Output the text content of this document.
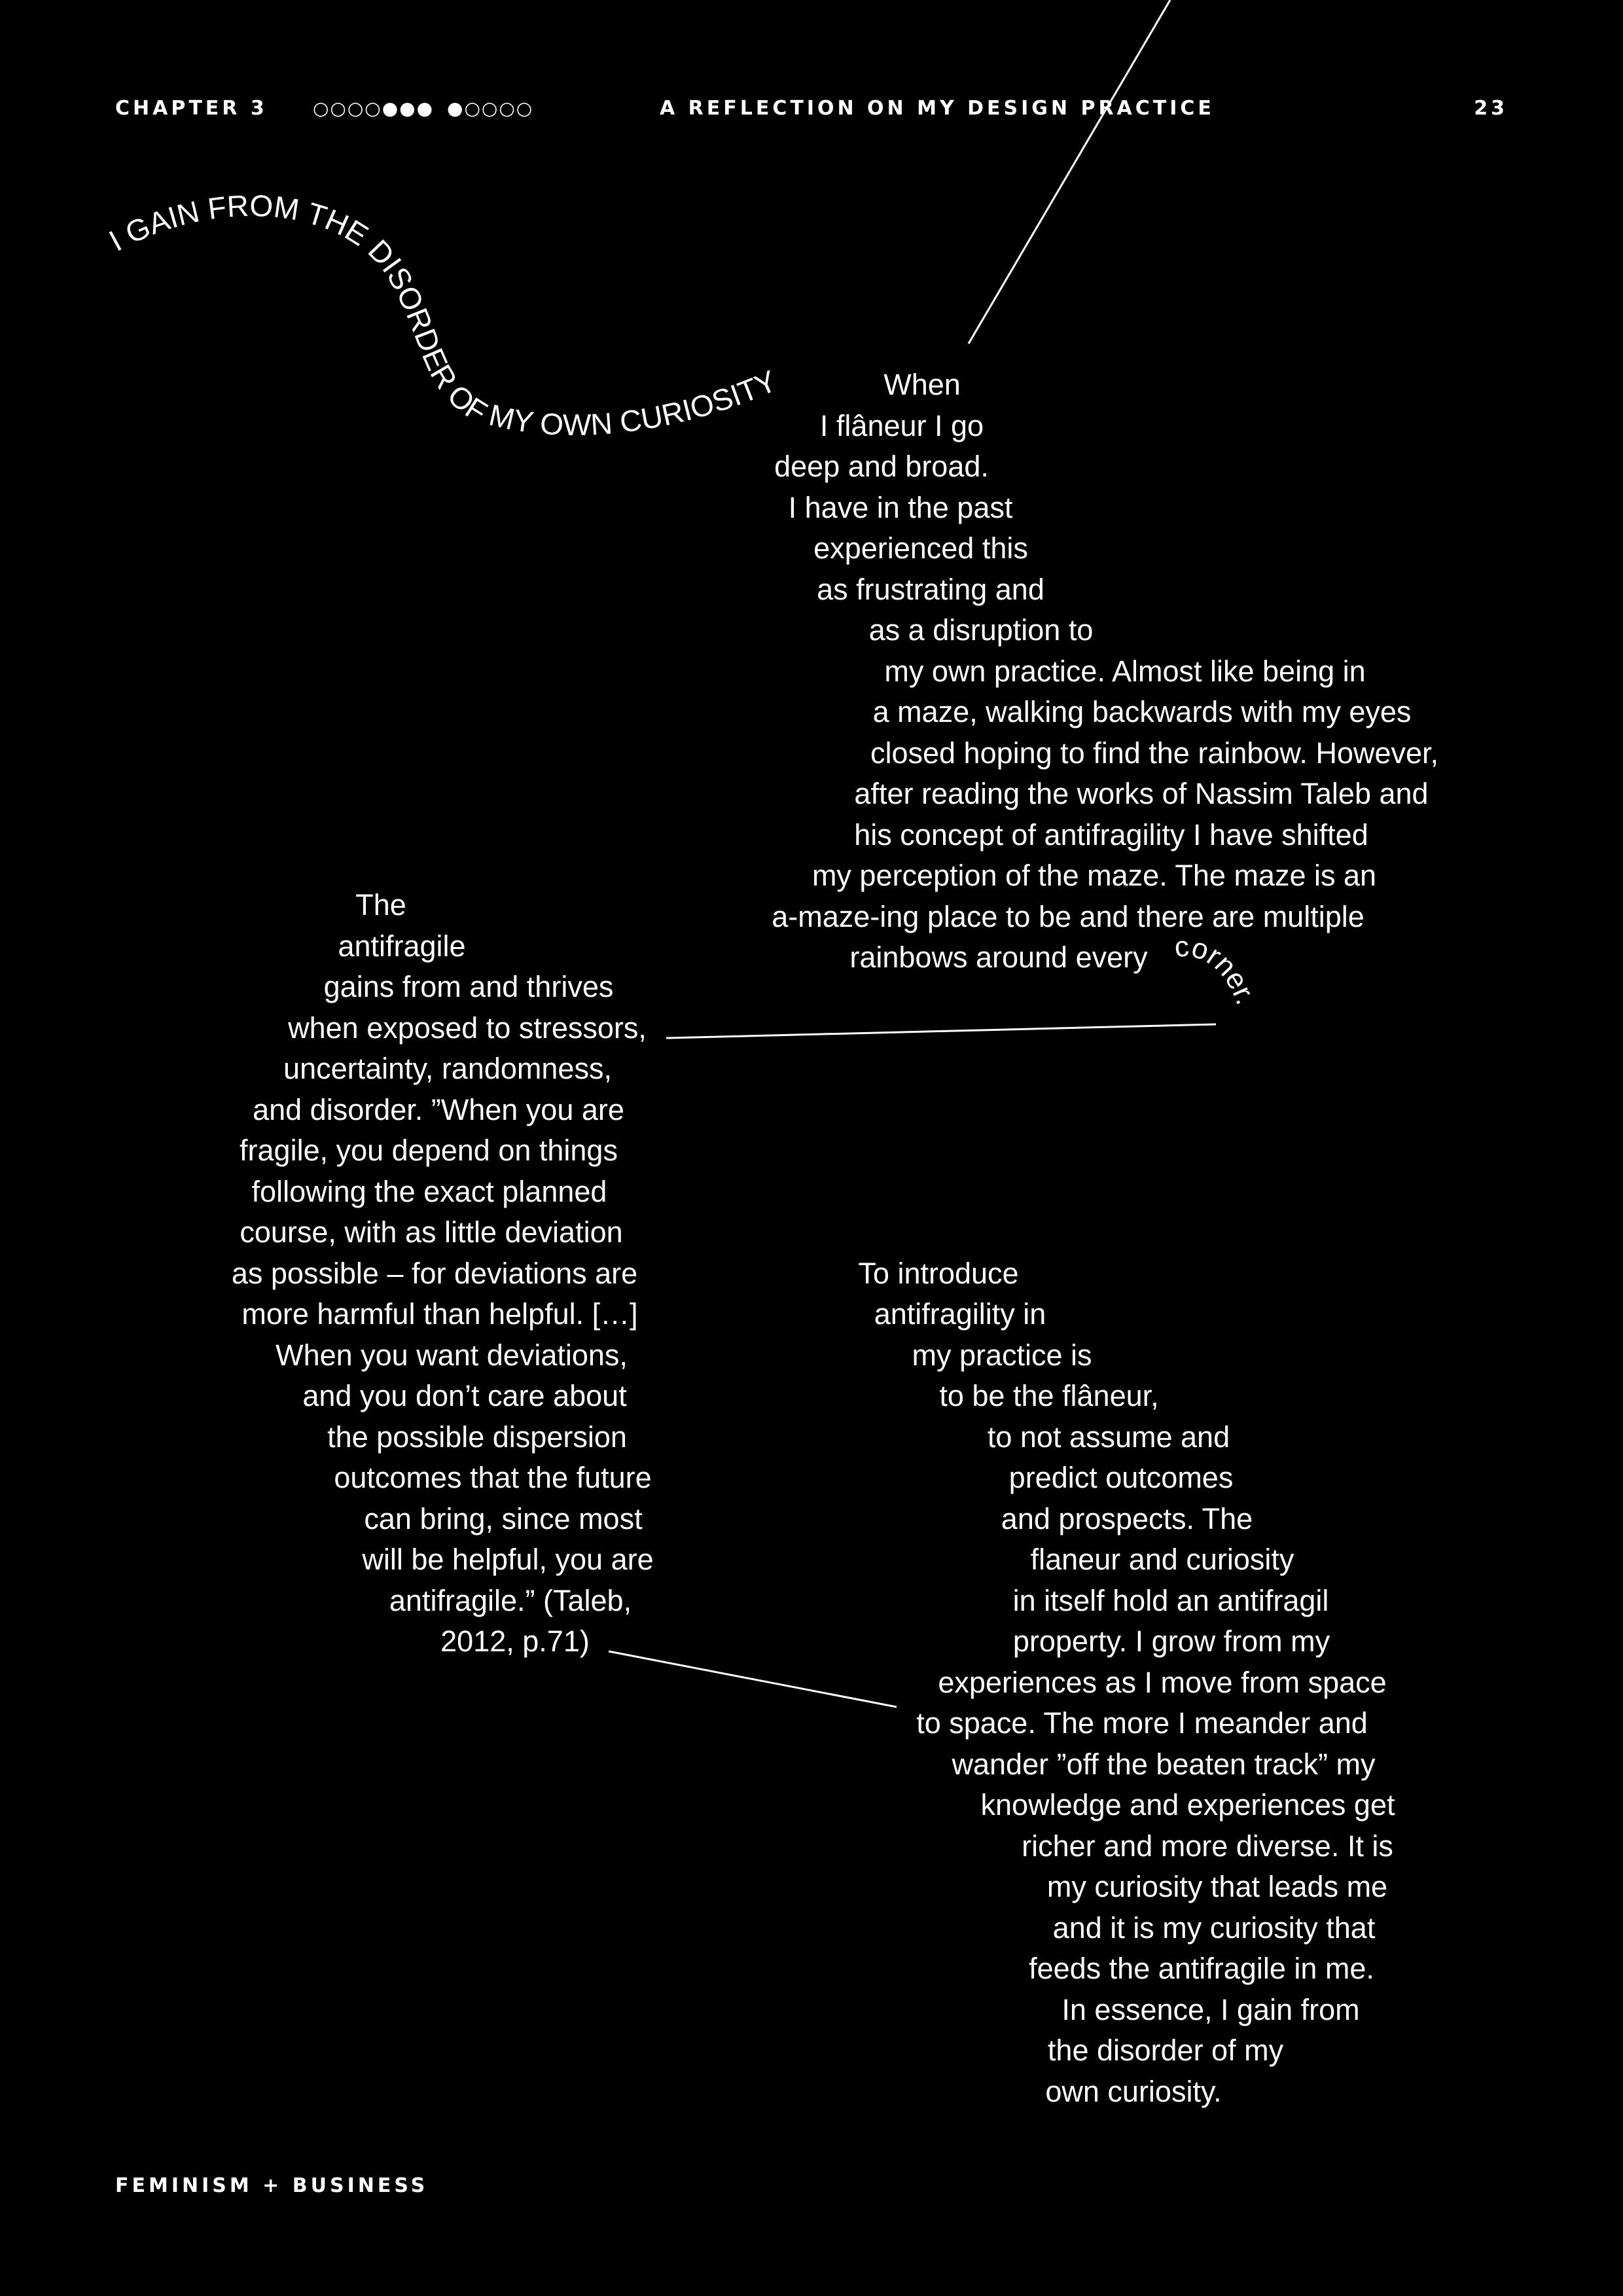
CHAPTER 3 ○○○○●●● ●○○○○	A REFLECTION ON MY DESIGN PRACTICE	23
I GAIN FROM THE DISORDER OF MY OWN CURIOSITY
corner.
When
I flâneur I go
deep and broad.
I have in the past
experienced this
as frustrating and
as a disruption to
my own practice. Almost like being in
a maze, walking backwards with my eyes
closed hoping to find the rainbow. However,
after reading the works of Nassim Taleb and
his concept of antifragility I have shifted
my perception of the maze. The maze is an
a-maze-ing place to be and there are multiple
rainbows around every
The
antifragile
gains from and thrives
when exposed to stressors,
uncertainty, randomness,
and disorder. ”When you are
fragile, you depend on things
following the exact planned
course, with as little deviation
as possible – for deviations are
more harmful than helpful. […]
When you want deviations,
and you don’t care about
the possible dispersion
outcomes that the future
can bring, since most
will be helpful, you are
antifragile.” (Taleb,
2012, p.71)
To introduce
antifragility in
my practice is
to be the flâneur,
to not assume and
predict outcomes
and prospects. The
flaneur and curiosity
in itself hold an antifragil
property. I grow from my
experiences as I move from space
to space. The more I meander and
wander ”off the beaten track” my
knowledge and experiences get
richer and more diverse. It is
my curiosity that leads me
and it is my curiosity that
feeds the antifragile in me.
In essence, I gain from
the disorder of my
own curiosity.
FEMINISM + BUSINESS
